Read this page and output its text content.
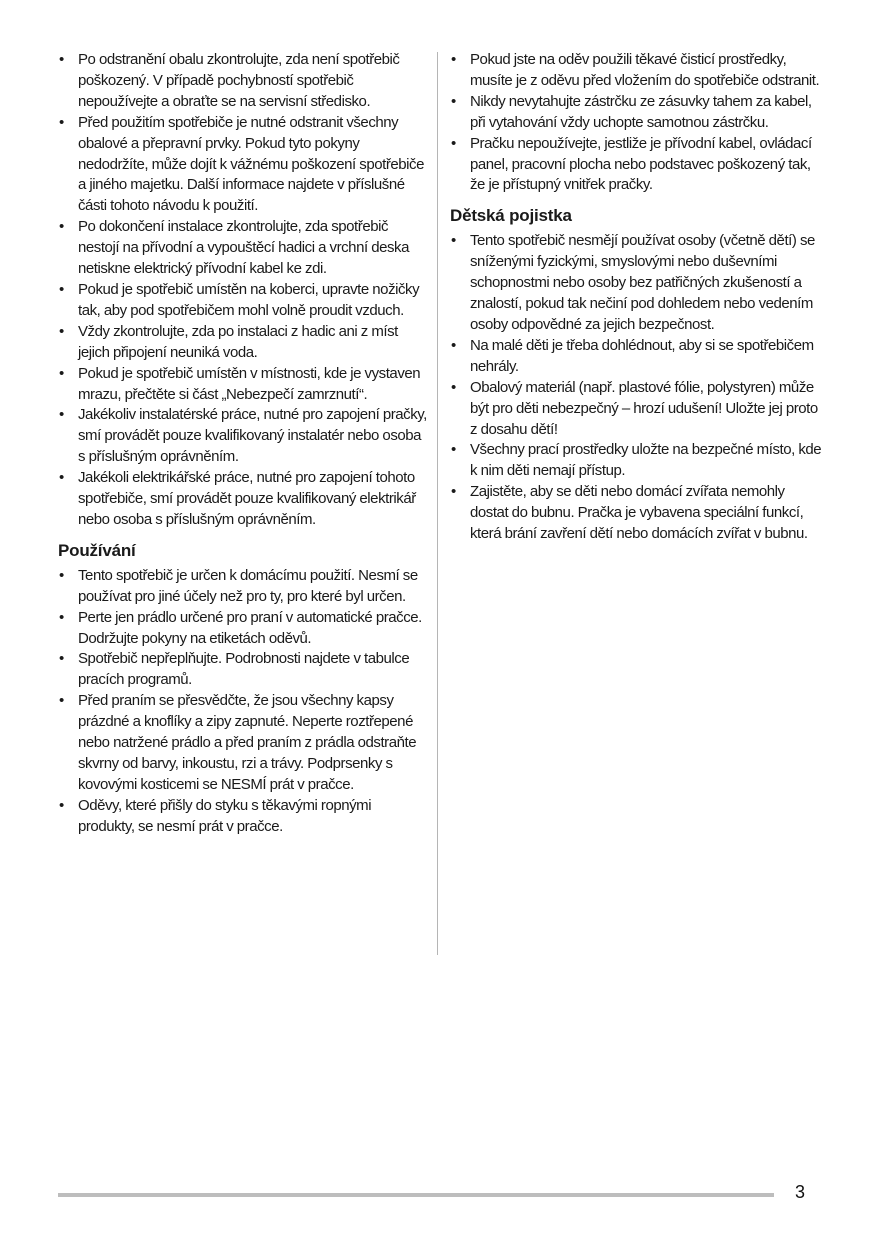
• Po odstranění obalu zkontrolujte, zda není spotřebič poškozený. V případě pochybností spotřebič nepoužívejte a obraťte se na servisní středisko.
• Před použitím spotřebiče je nutné odstranit všechny obalové a přepravní prvky. Pokud tyto pokyny nedodržíte, může dojít k vážnému poškození spotřebiče a jiného majetku. Další informace najdete v příslušné části tohoto návodu k použití.
• Po dokončení instalace zkontrolujte, zda spotřebič nestojí na přívodní a vypouštěcí hadici a vrchní deska netiskne elektrický přívodní kabel ke zdi.
• Pokud je spotřebič umístěn na koberci, upravte nožičky tak, aby pod spotřebičem mohl volně proudit vzduch.
• Vždy zkontrolujte, zda po instalaci z hadic ani z míst jejich připojení neuniká voda.
• Pokud je spotřebič umístěn v místnosti, kde je vystaven mrazu, přečtěte si část „Nebezpečí zamrznutí“.
• Jakékoliv instalatérské práce, nutné pro zapojení pračky, smí provádět pouze kvalifikovaný instalatér nebo osoba s příslušným oprávněním.
• Jakékoli elektrikářské práce, nutné pro zapojení tohoto spotřebiče, smí provádět pouze kvalifikovaný elektrikář nebo osoba s příslušným oprávněním.
Používání
• Tento spotřebič je určen k domácímu použití. Nesmí se používat pro jiné účely než pro ty, pro které byl určen.
• Perte jen prádlo určené pro praní v automatické pračce. Dodržujte pokyny na etiketách oděvů.
• Spotřebič nepřeplňujte. Podrobnosti najdete v tabulce pracích programů.
• Před praním se přesvědčte, že jsou všechny kapsy prázdné a knoflíky a zipy zapnuté. Neperte roztřepené nebo natržené prádlo a před praním z prádla odstraňte skvrny od barvy, inkoustu, rzi a trávy. Podprsenky s kovovými kosticemi se NESMÍ prát v pračce.
• Oděvy, které přišly do styku s těkavými ropnými produkty, se nesmí prát v pračce.
• Pokud jste na oděv použili těkavé čisticí prostředky, musíte je z oděvu před vložením do spotřebiče odstranit.
• Nikdy nevytahujte zástrčku ze zásuvky tahem za kabel, při vytahování vždy uchopte samotnou zástrčku.
• Pračku nepoužívejte, jestliže je přívodní kabel, ovládací panel, pracovní plocha nebo podstavec poškozený tak, že je přístupný vnitřek pračky.
Dětská pojistka
• Tento spotřebič nesmějí používat osoby (včetně dětí) se sníženými fyzickými, smyslovými nebo duševními schopnostmi nebo osoby bez patřičných zkušeností a znalostí, pokud tak nečiní pod dohledem nebo vedením osoby odpovědné za jejich bezpečnost.
• Na malé děti je třeba dohlédnout, aby si se spotřebičem nehrály.
• Obalový materiál (např. plastové fólie, polystyren) může být pro děti nebezpečný – hrozí udušení! Uložte jej proto z dosahu dětí!
• Všechny prací prostředky uložte na bezpečné místo, kde k nim děti nemají přístup.
• Zajistěte, aby se děti nebo domácí zvířata nemohly dostat do bubnu. Pračka je vybavena speciální funkcí, která brání zavření dětí nebo domácích zvířat v bubnu.
3
